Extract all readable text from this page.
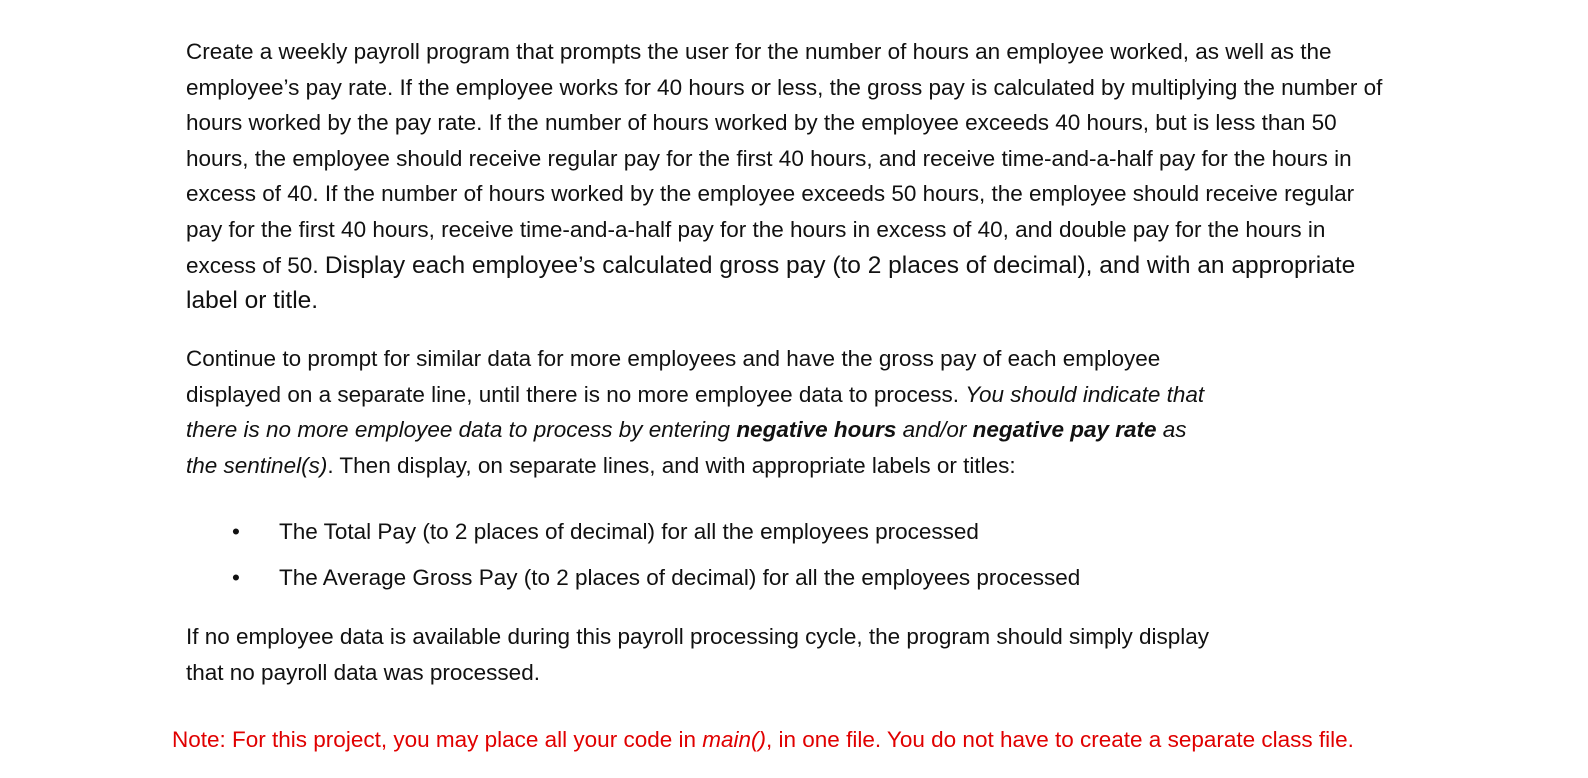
Create a weekly payroll program that prompts the user for the number of hours an employee worked, as well as the
employee’s pay rate. If the employee works for 40 hours or less, the gross pay is calculated by multiplying the number of
hours worked by the pay rate. If the number of hours worked by the employee exceeds 40 hours, but is less than 50
hours, the employee should receive regular pay for the first 40 hours, and receive time-and-a-half pay for the hours in
excess of 40. If the number of hours worked by the employee exceeds 50 hours, the employee should receive regular
pay for the first 40 hours, receive time-and-a-half pay for the hours in excess of 40, and double pay for the hours in
excess of 50. Display each employee’s calculated gross pay (to 2 places of decimal), and with an appropriate
label or title.

Continue to prompt for similar data for more employees and have the gross pay of each employee
displayed on a separate line, until there is no more employee data to process. You should indicate that
there is no more employee data to process by entering negative hours and/or negative pay rate as
the sentinel(s). Then display, on separate lines, and with appropriate labels or titles:

• The Total Pay (to 2 places of decimal) for all the employees processed
• The Average Gross Pay (to 2 places of decimal) for all the employees processed

If no employee data is available during this payroll processing cycle, the program should simply display
that no payroll data was processed.

Note: For this project, you may place all your code in main(), in one file. You do not have to create a separate class file.
